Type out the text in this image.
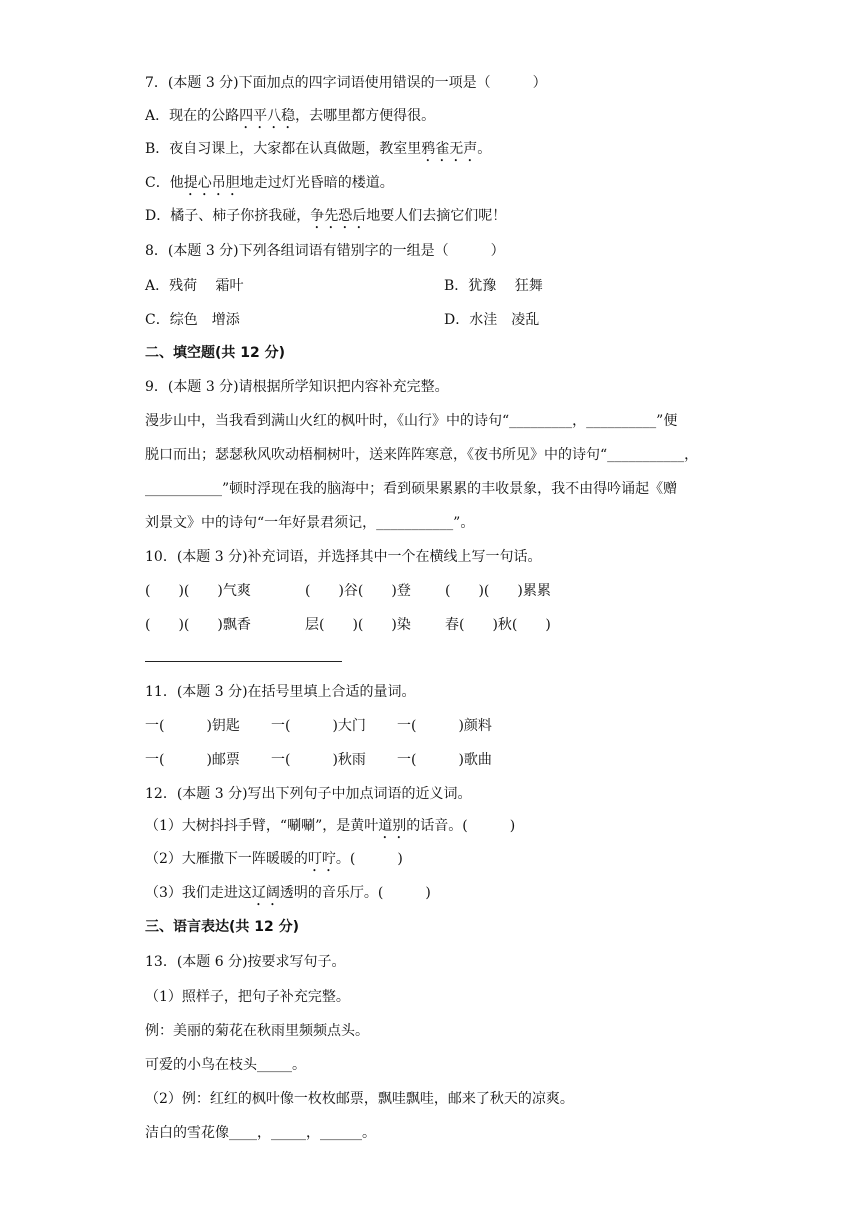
7．(本题 3 分)下面加点的四字词语使用错误的一项是（　　　）
A．现在的公路四平八稳，去哪里都方便得很。
B．夜自习课上，大家都在认真做题，教室里鸦雀无声。
C．他提心吊胆地走过灯光昏暗的楼道。
D．橘子、柿子你挤我碰，争先恐后地要人们去摘它们呢！
8．(本题 3 分)下列各组词语有错别字的一组是（　　　）
A．残荷　 霜叶	B．犹豫　 狂舞
C．综色　增添	D．水洼　凌乱
二、填空题(共 12 分)
9．(本题 3 分)请根据所学知识把内容补充完整。
漫步山中，当我看到满山火红的枫叶时，《山行》中的诗句“_________，__________”便
脱口而出；瑟瑟秋风吹动梧桐树叶，送来阵阵寒意，《夜书所见》中的诗句“___________，
___________”顿时浮现在我的脑海中；看到硕果累累的丰收景象，我不由得吟诵起《赠
刘景文》中的诗句“一年好景君须记，___________”。
10．(本题 3 分)补充词语，并选择其中一个在横线上写一句话。
(　　)(　　)气爽	(　　)谷(　　)登 (　　)(　　)累累
(　　)(　　)飘香	层(　　)(　　)染 春(　　)秋(　　)
11．(本题 3 分)在括号里填上合适的量词。
一(　　　)钥匙 一(　　　)大门 一(　　　)颜料
一(　　　)邮票 一(　　　)秋雨 一(　　　)歌曲
12．(本题 3 分)写出下列句子中加点词语的近义词。
（1）大树抖抖手臂，“唰唰”，是黄叶道别的话音。(　　　)
（2）大雁撒下一阵暖暖的叮咛。(　　　)
（3）我们走进这辽阔透明的音乐厅。(　　　)
三、语言表达(共 12 分)
13．(本题 6 分)按要求写句子。
（1）照样子，把句子补充完整。
例：美丽的菊花在秋雨里频频点头。
可爱的小鸟在枝头_____。
（2）例：红红的枫叶像一枚枚邮票，飘哇飘哇，邮来了秋天的凉爽。
洁白的雪花像____，_____，______。
